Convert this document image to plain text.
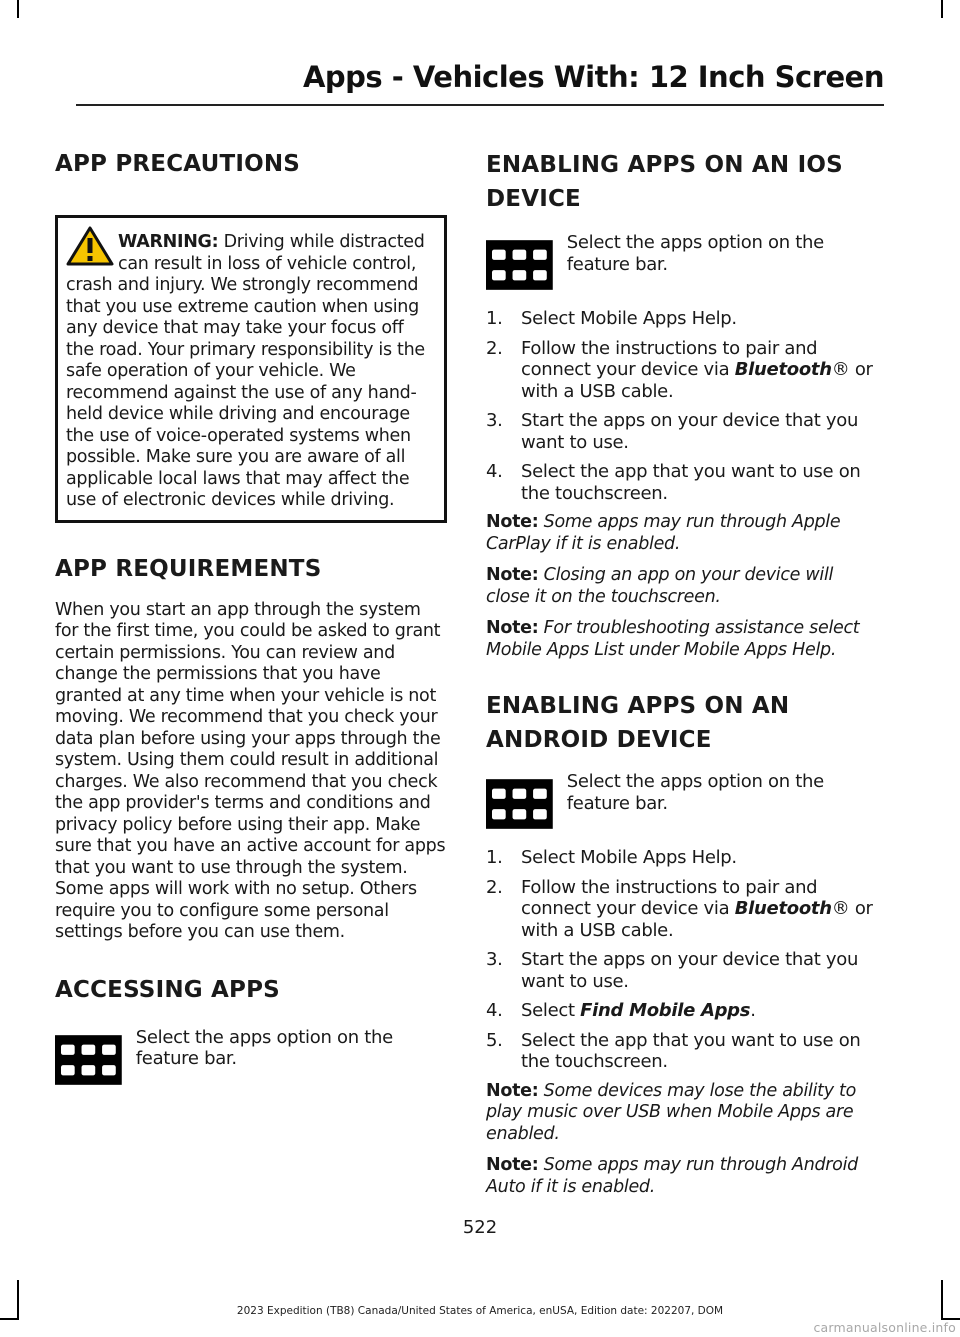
Apps - Vehicles With: 12 Inch Screen
APP PRECAUTIONS
WARNING: Driving while distracted can result in loss of vehicle control, crash and injury. We strongly recommend that you use extreme caution when using any device that may take your focus off the road. Your primary responsibility is the safe operation of your vehicle. We recommend against the use of any hand-held device while driving and encourage the use of voice-operated systems when possible. Make sure you are aware of all applicable local laws that may affect the use of electronic devices while driving.
APP REQUIREMENTS

When you start an app through the system for the first time, you could be asked to grant certain permissions. You can review and change the permissions that you have granted at any time when your vehicle is not moving. We recommend that you check your data plan before using your apps through the system. Using them could result in additional charges. We also recommend that you check the app provider's terms and conditions and privacy policy before using their app. Make sure that you have an active account for apps that you want to use through the system. Some apps will work with no setup. Others require you to configure some personal settings before you can use them.

ACCESSING APPS
Select the apps option on the feature bar.
ENABLING APPS ON AN IOS
DEVICE
Select the apps option on the feature bar.
1. Select Mobile Apps Help.
2. Follow the instructions to pair and connect your device via Bluetooth® or with a USB cable.
3. Start the apps on your device that you want to use.
4. Select the app that you want to use on the touchscreen.
Note: Some apps may run through Apple CarPlay if it is enabled.
Note: Closing an app on your device will close it on the touchscreen.
Note: For troubleshooting assistance select Mobile Apps List under Mobile Apps Help.
ENABLING APPS ON AN
ANDROID DEVICE
Select the apps option on the feature bar.
1. Select Mobile Apps Help.
2. Follow the instructions to pair and connect your device via Bluetooth® or with a USB cable.
3. Start the apps on your device that you want to use.
4. Select Find Mobile Apps.
5. Select the app that you want to use on the touchscreen.
Note: Some devices may lose the ability to play music over USB when Mobile Apps are enabled.
Note: Some apps may run through Android Auto if it is enabled.
522
2023 Expedition (TB8) Canada/United States of America, enUSA, Edition date: 202207, DOM
carmanualsonline.info
